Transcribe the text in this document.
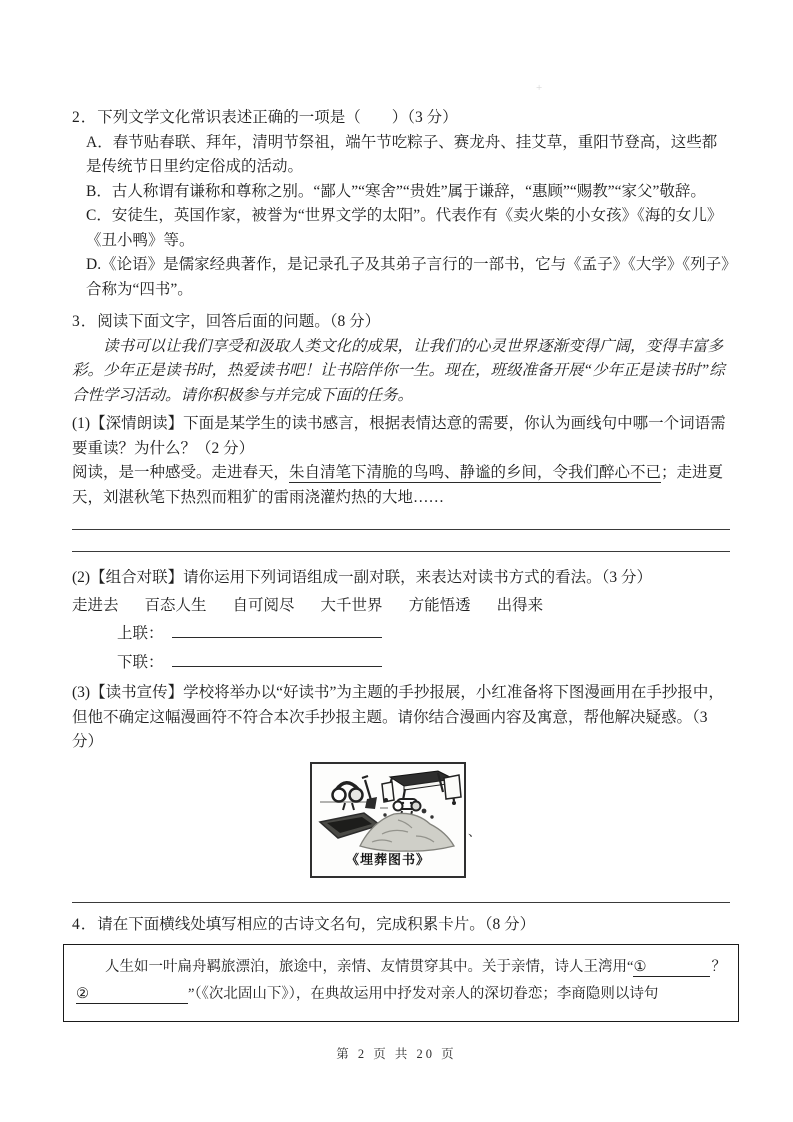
+

2．下列文学文化常识表述正确的一项是（　　）（3 分）

A．春节贴春联、拜年，清明节祭祖，端午节吃粽子、赛龙舟、挂艾草，重阳节登高，这些都是传统节日里约定俗成的活动。

B．古人称谓有谦称和尊称之别。“鄙人”“寒舍”“贵姓”属于谦辞，“惠顾”“赐教”“家父”敬辞。

C．安徒生，英国作家，被誉为“世界文学的太阳”。代表作有《卖火柴的小女孩》《海的女儿》《丑小鸭》等。

D.《论语》是儒家经典著作，是记录孔子及其弟子言行的一部书，它与《孟子》《大学》《列子》合称为“四书”。

3．阅读下面文字，回答后面的问题。（8 分）

读书可以让我们享受和汲取人类文化的成果，让我们的心灵世界逐渐变得广阔，变得丰富多彩。少年正是读书时，热爱读书吧！让书陪伴你一生。现在，班级准备开展“少年正是读书时”综合性学习活动。请你积极参与并完成下面的任务。

(1)【深情朗读】下面是某学生的读书感言，根据表情达意的需要，你认为画线句中哪一个词语需要重读？为什么？（2 分）

阅读，是一种感受。走进春天，朱自清笔下清脆的鸟鸣、静谧的乡间，令我们醉心不已；走进夏天，刘湛秋笔下热烈而粗犷的雷雨浇灌灼热的大地……

(2)【组合对联】请你运用下列词语组成一副对联，来表达对读书方式的看法。（3 分）

走进去 百态人生 自可阅尽 大千世界 方能悟透 出得来

上联：

下联：

(3)【读书宣传】学校将举办以“好读书”为主题的手抄报展，小红准备将下图漫画用在手抄报中，但他不确定这幅漫画符不符合本次手抄报主题。请你结合漫画内容及寓意，帮他解决疑惑。（3 分）

《埋葬图书》

4．请在下面横线处填写相应的古诗文名句，完成积累卡片。（8 分）

人生如一叶扁舟羁旅漂泊，旅途中，亲情、友情贯穿其中。关于亲情，诗人王湾用“ ①	？
②	”（《次北固山下》），在典故运用中抒发对亲人的深切眷恋；李商隐则以诗句
、
第 2 页 共 20 页
